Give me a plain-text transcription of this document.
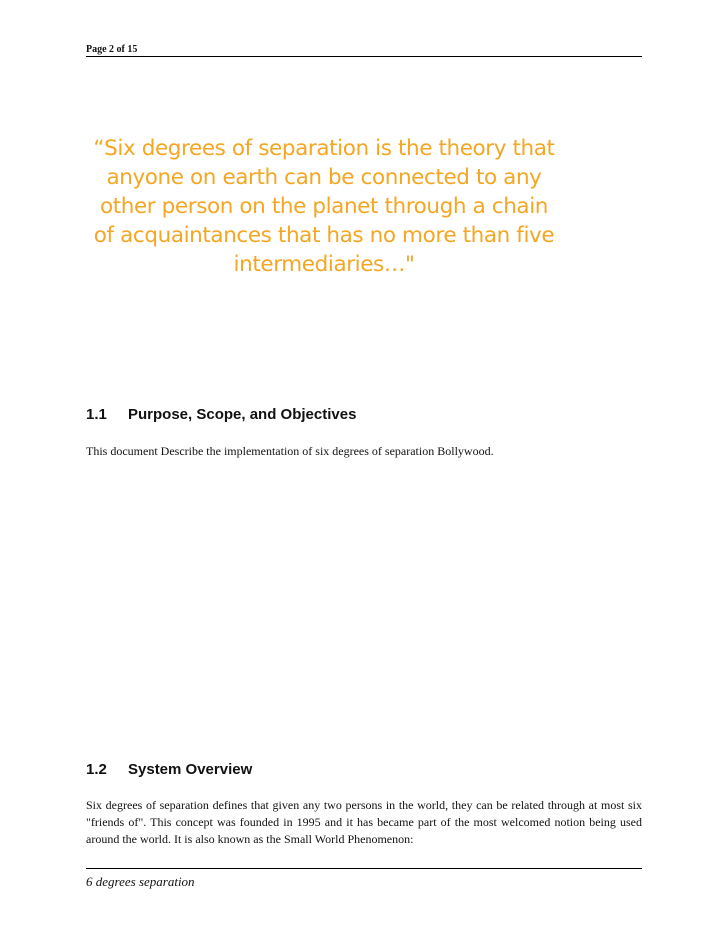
Page 2 of 15
“Six degrees of separation is the theory that
anyone on earth can be connected to any
other person on the planet through a chain
of acquaintances that has no more than five
intermediaries…"
1.1 Purpose, Scope, and Objectives
This document Describe the implementation of six degrees of separation Bollywood.
1.2 System Overview
Six degrees of separation defines that given any two persons in the world, they can be related through at most six "friends of". This concept was founded in 1995 and it has became part of the most welcomed notion being used around the world. It is also known as the Small World Phenomenon:
6 degrees separation
